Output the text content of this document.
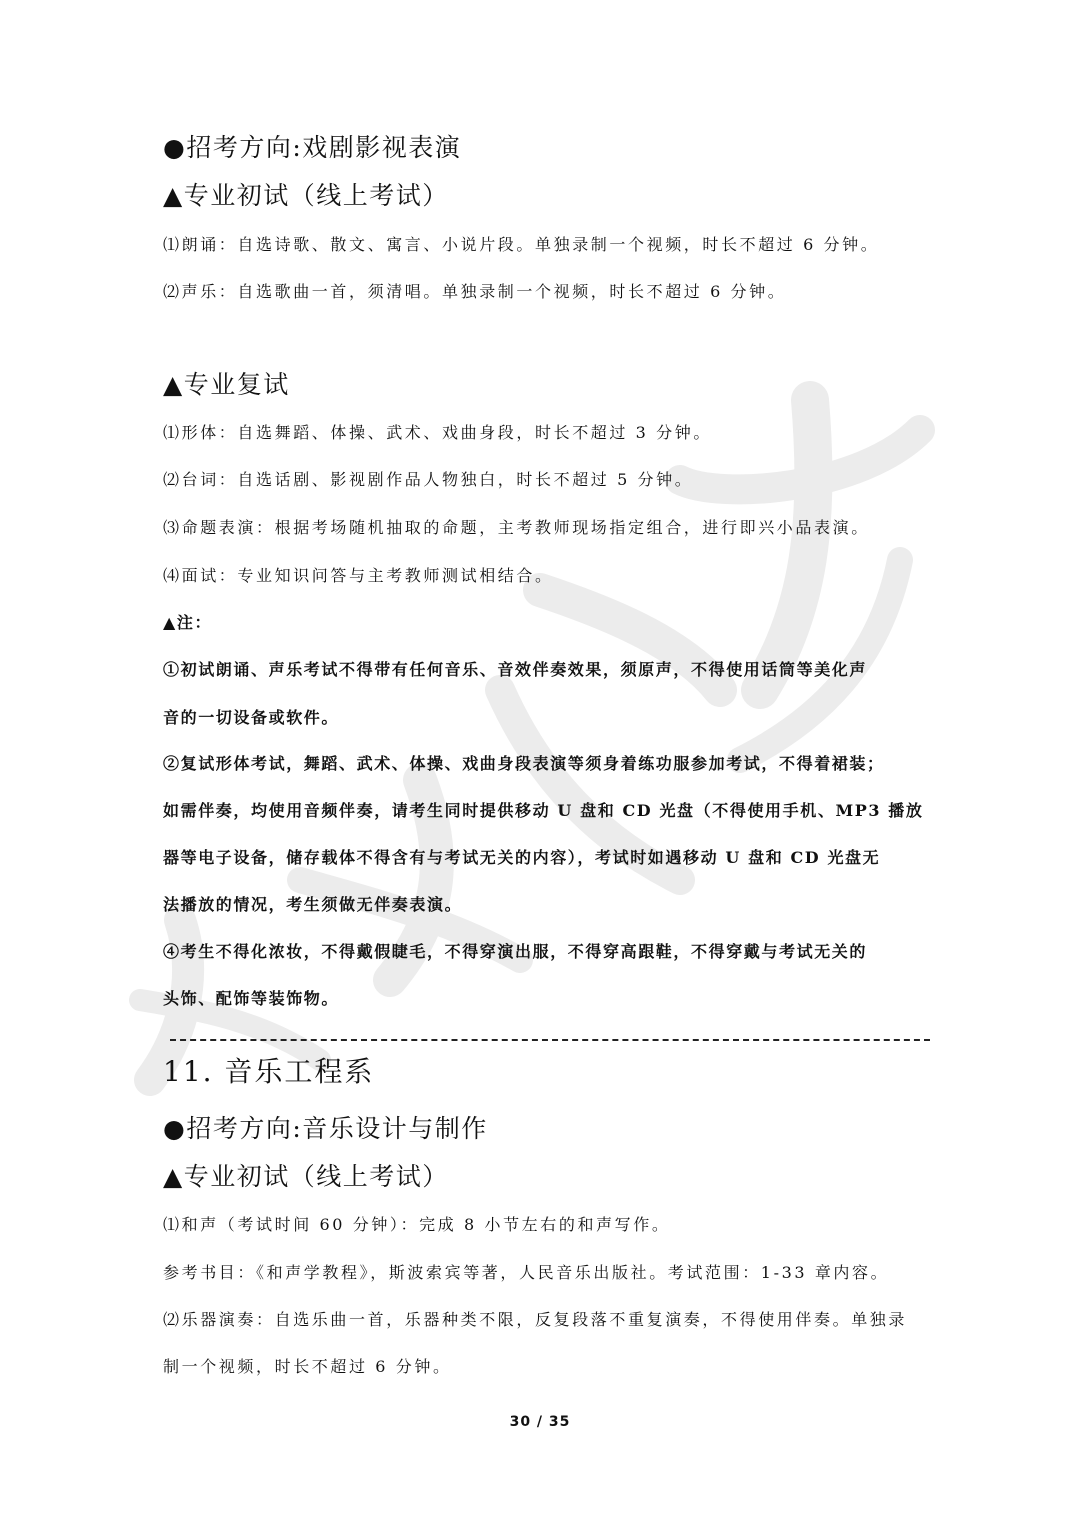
●招考方向:戏剧影视表演
▲专业初试（线上考试）
⑴朗诵：自选诗歌、散文、寓言、小说片段。单独录制一个视频，时长不超过 6 分钟。
⑵声乐：自选歌曲一首，须清唱。单独录制一个视频，时长不超过 6 分钟。
▲专业复试
⑴形体：自选舞蹈、体操、武术、戏曲身段，时长不超过 3 分钟。
⑵台词：自选话剧、影视剧作品人物独白，时长不超过 5 分钟。
⑶命题表演：根据考场随机抽取的命题，主考教师现场指定组合，进行即兴小品表演。
⑷面试：专业知识问答与主考教师测试相结合。
▲注：
①初试朗诵、声乐考试不得带有任何音乐、音效伴奏效果，须原声，不得使用话筒等美化声
音的一切设备或软件。
②复试形体考试，舞蹈、武术、体操、戏曲身段表演等须身着练功服参加考试，不得着裙装；
如需伴奏，均使用音频伴奏，请考生同时提供移动 U 盘和 CD 光盘（不得使用手机、MP3 播放
器等电子设备，储存载体不得含有与考试无关的内容），考试时如遇移动 U 盘和 CD 光盘无
法播放的情况，考生须做无伴奏表演。
④考生不得化浓妆，不得戴假睫毛，不得穿演出服，不得穿高跟鞋，不得穿戴与考试无关的
头饰、配饰等装饰物。
11. 音乐工程系
●招考方向:音乐设计与制作
▲专业初试（线上考试）
⑴和声（考试时间 60 分钟）：完成 8 小节左右的和声写作。
参考书目：《和声学教程》，斯波索宾等著，人民音乐出版社。考试范围：1-33 章内容。
⑵乐器演奏：自选乐曲一首，乐器种类不限，反复段落不重复演奏，不得使用伴奏。单独录
制一个视频，时长不超过 6 分钟。
30 / 35
